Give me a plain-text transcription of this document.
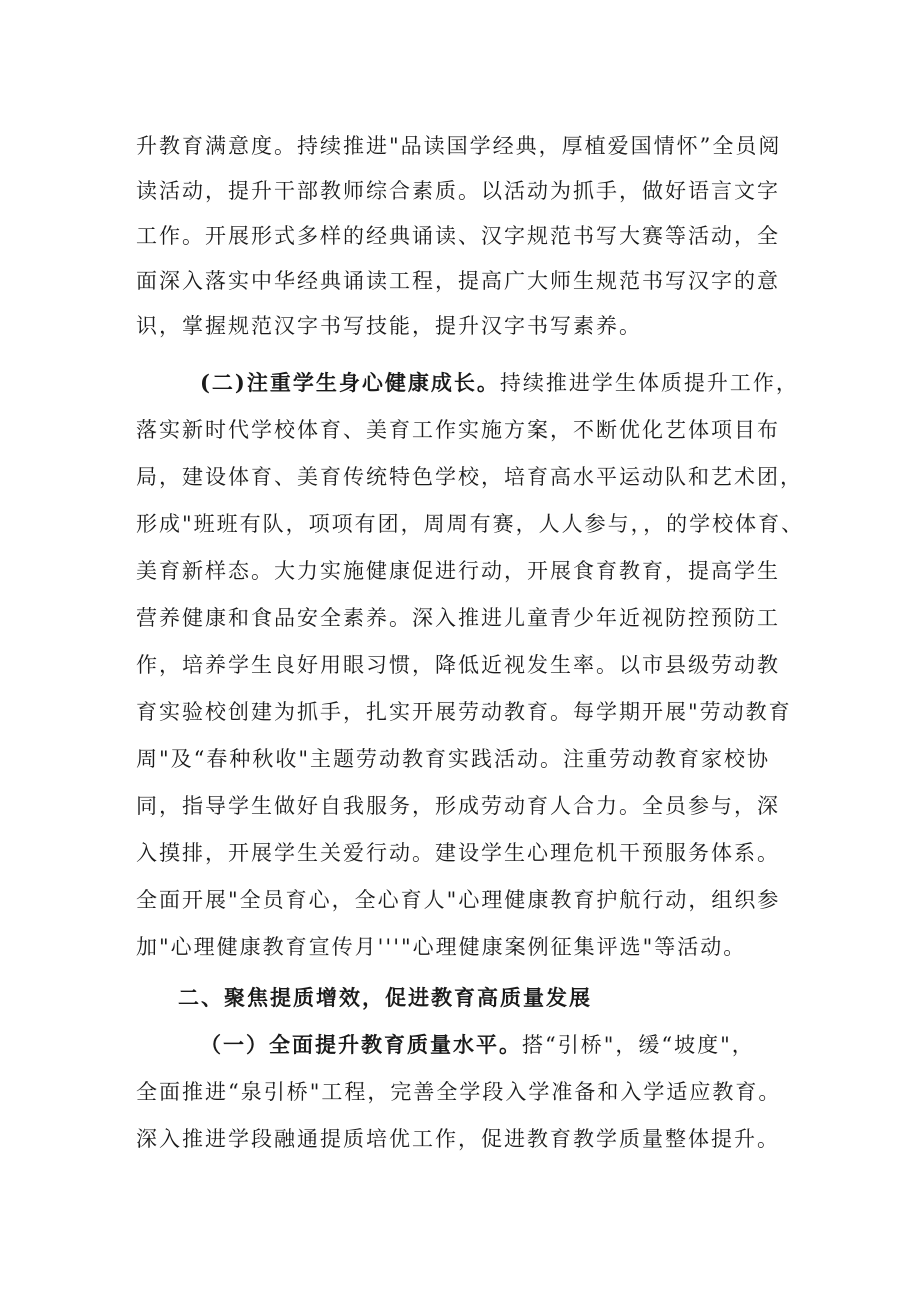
升教育满意度。持续推进"品读国学经典，厚植爱国情怀”全员阅
读活动，提升干部教师综合素质。以活动为抓手，做好语言文字
工作。开展形式多样的经典诵读、汉字规范书写大赛等活动，全
面深入落实中华经典诵读工程，提高广大师生规范书写汉字的意
识，掌握规范汉字书写技能，提升汉字书写素养。
(二)注重学生身心健康成长。持续推进学生体质提升工作，
落实新时代学校体育、美育工作实施方案，不断优化艺体项目布
局，建设体育、美育传统特色学校，培育高水平运动队和艺术团，
形成"班班有队，项项有团，周周有赛，人人参与，，的学校体育、
美育新样态。大力实施健康促进行动，开展食育教育，提高学生
营养健康和食品安全素养。深入推进儿童青少年近视防控预防工
作，培养学生良好用眼习惯，降低近视发生率。以市县级劳动教
育实验校创建为抓手，扎实开展劳动教育。每学期开展"劳动教育
周"及“春种秋收"主题劳动教育实践活动。注重劳动教育家校协
同，指导学生做好自我服务，形成劳动育人合力。全员参与，深
入摸排，开展学生关爱行动。建设学生心理危机干预服务体系。
全面开展"全员育心，全心育人"心理健康教育护航行动，组织参
加"心理健康教育宣传月'''"心理健康案例征集评选"等活动。
二、聚焦提质增效，促进教育高质量发展
（一）全面提升教育质量水平。搭“引桥"，缓“坡度"，
全面推进“泉引桥"工程，完善全学段入学准备和入学适应教育。
深入推进学段融通提质培优工作，促进教育教学质量整体提升。
